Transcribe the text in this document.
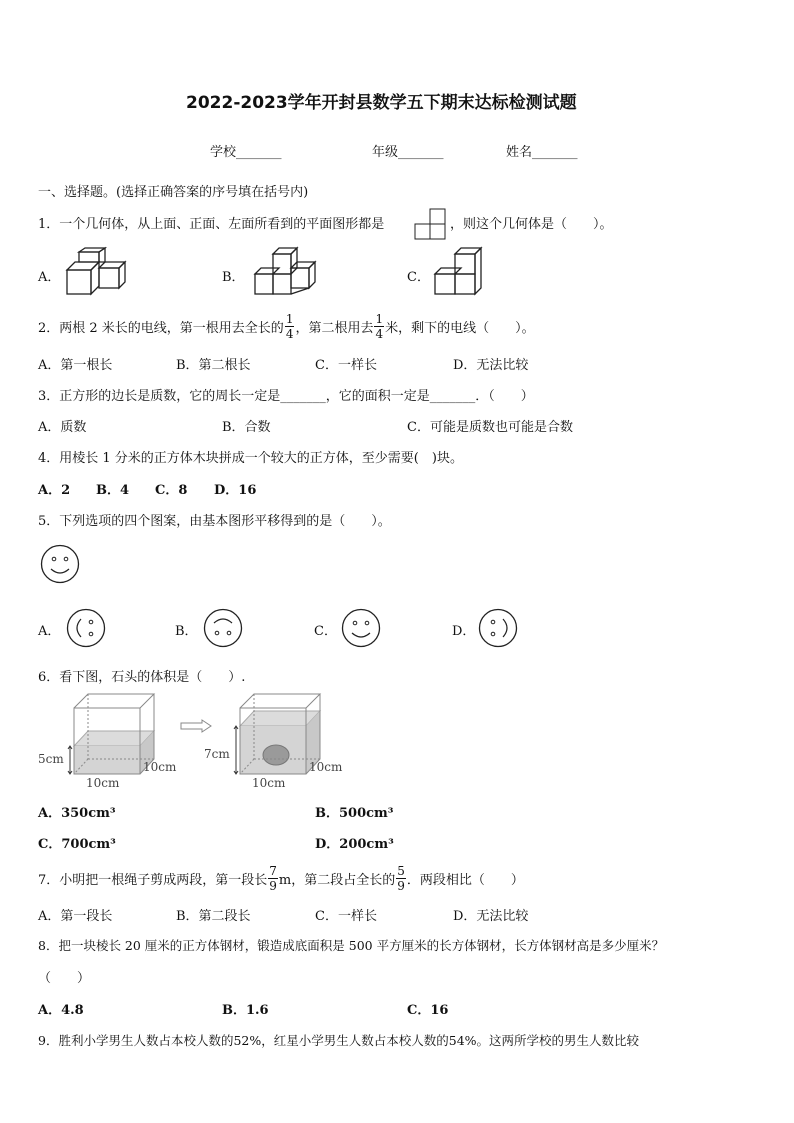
2022-2023学年开封县数学五下期末达标检测试题
学校_______	年级_______	姓名_______
一、选择题。(选择正确答案的序号填在括号内)
1．一个几何体，从上面、正面、左面所看到的平面图形都是	，则这个几何体是（　　）。
A．	B．	C．
2．两根 2 米长的电线，第一根用去全长的 $\frac{1}{4}$ ，第二根用去 $\frac{1}{4}$ 米，剩下的电线（　　）。
A．第一根长	B．第二根长	C．一样长	D．无法比较
3．正方形的边长是质数，它的周长一定是_______，它的面积一定是_______．（　　）
A．质数	B．合数	C．可能是质数也可能是合数
4．用棱长 1 分米的正方体木块拼成一个较大的正方体，至少需要(　)块。
A．2 B．4 C．8 D．16
5．下列选项的四个图案，由基本图形平移得到的是（　　）。
A．	B．	C．	D．
6．看下图，石头的体积是（　　）.
5cm
10cm
10cm
7cm
10cm
10cm
A．350cm³	B．500cm³
C．700cm³	D．200cm³
7．小明把一根绳子剪成两段，第一段长 $\frac{7}{9}$ m，第二段占全长的 $\frac{5}{9}$ ．两段相比（　　）
A．第一段长	B．第二段长	C．一样长	D．无法比较
8．把一块棱长 20 厘米的正方体钢材，锻造成底面积是 500 平方厘米的长方体钢材，长方体钢材高是多少厘米？
（　　）
A．4.8	B．1.6	C．16
9．胜利小学男生人数占本校人数的52%，红星小学男生人数占本校人数的54%。这两所学校的男生人数比较
